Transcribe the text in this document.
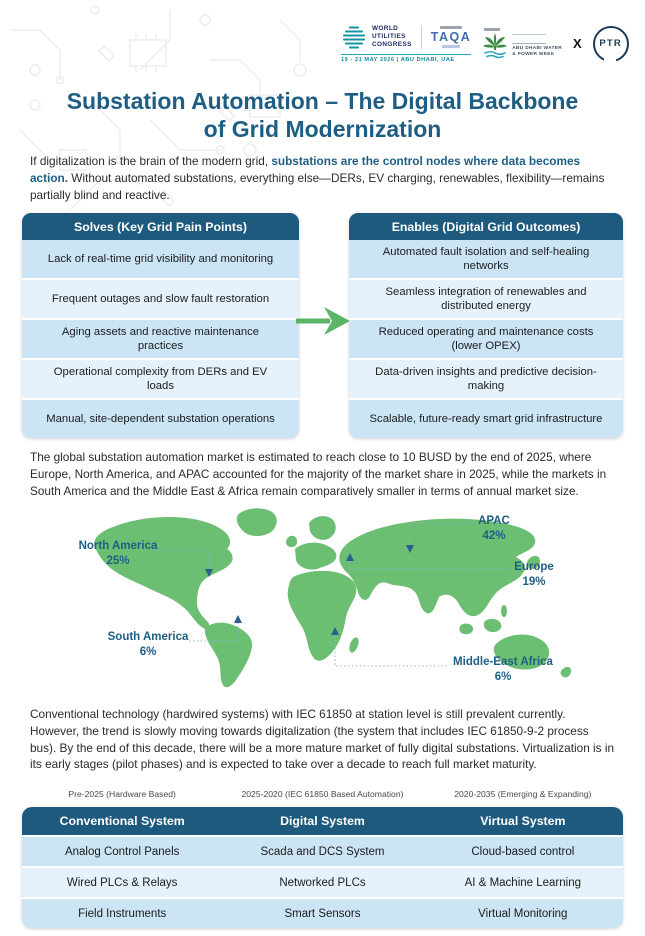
WORLD
UTILITIES
CONGRESS
TAQA
19 - 21 MAY 2026 | ABU DHABI, UAE
ABU DHABI WATER
& POWER WEEK
X PTR
Substation Automation – The Digital Backbone
of Grid Modernization
If digitalization is the brain of the modern grid, substations are the control nodes where data becomes action. Without automated substations, everything else—DERs, EV charging, renewables, flexibility—remains partially blind and reactive.
Solves (Key Grid Pain Points)
Lack of real-time grid visibility and monitoring
Frequent outages and slow fault restoration
Aging assets and reactive maintenance practices
Operational complexity from DERs and EV loads
Manual, site-dependent substation operations
Enables (Digital Grid Outcomes)
Automated fault isolation and self-healing networks
Seamless integration of renewables and distributed energy
Reduced operating and maintenance costs (lower OPEX)
Data-driven insights and predictive decision-making
Scalable, future-ready smart grid infrastructure
The global substation automation market is estimated to reach close to 10 BUSD by the end of 2025, where Europe, North America, and APAC accounted for the majority of the market share in 2025, while the markets in South America and the Middle East & Africa remain comparatively smaller in terms of annual market size.
North America
25%
APAC
42%
Europe
19%
South America
6%
Middle-East Africa
6%
Conventional technology (hardwired systems) with IEC 61850 at station level is still prevalent currently. However, the trend is slowly moving towards digitalization (the system that includes IEC 61850-9-2 process bus). By the end of this decade, there will be a more mature market of fully digital substations. Virtualization is in its early stages (pilot phases) and is expected to take over a decade to reach full market maturity.
Pre-2025 (Hardware Based)	2025-2020 (IEC 61850 Based Automation)	2020-2035 (Emerging & Expanding)
Conventional System	Digital System	Virtual System
Analog Control Panels	Scada and DCS System	Cloud-based control
Wired PLCs & Relays	Networked PLCs	AI & Machine Learning
Field Instruments	Smart Sensors	Virtual Monitoring
